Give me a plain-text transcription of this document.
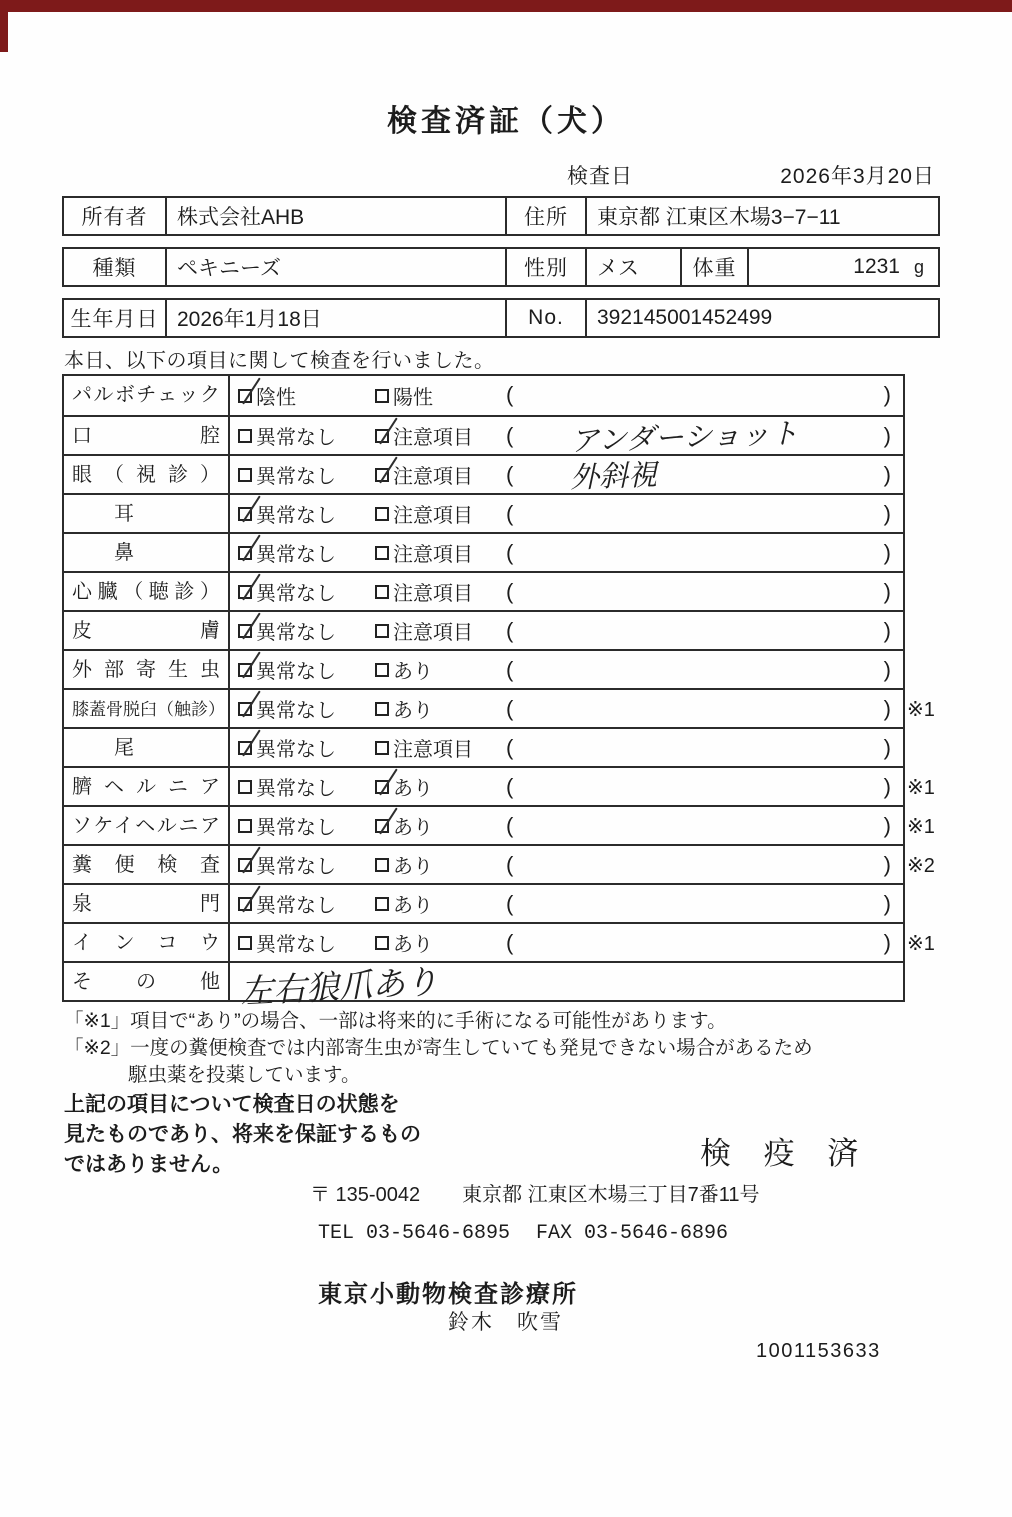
検査済証（犬）
検査日	2026年3月20日
所有者	株式会社AHB	住所	東京都 江東区木場3−7−11
種類	ペキニーズ	性別	メス	体重	1231 g
生年月日 2026年1月18日	No.	392145001452499
本日、以下の項目に関して検査を行いました。
パルボチェック	陰性	陽性	(	)
口腔	異常なし	注意項目 ( アンダーショット	)
眼（視診）	異常なし	注意項目 ( 外斜視	)
耳	異常なし	注意項目 (	)
鼻	異常なし	注意項目 (	)
心臓（聴診）	異常なし	注意項目 (	)
皮膚	異常なし	注意項目 (	)
外部寄生虫	異常なし	あり	(	)
膝蓋骨脱臼（触診） 異常なし	あり	(	) ※1
尾	異常なし	注意項目 (	)
臍ヘルニア	異常なし	あり	(	) ※1
ソケイヘルニア	異常なし	あり	(	) ※1
糞便検査	異常なし	あり	(	) ※2
泉門	異常なし	あり	(	)
インコウ	異常なし	あり	(	) ※1
その他 左右狼爪あり
「※1」項目で“あり”の場合、一部は将来的に手術になる可能性があります。
「※2」一度の糞便検査では内部寄生虫が寄生していても発見できない場合があるため
駆虫薬を投薬しています。
上記の項目について検査日の状態を
見たものであり、将来を保証するもの
ではありません。	検 疫 済
〒 135-0042 東京都 江東区木場三丁目7番11号
TEL 03-5646-6895 FAX 03-5646-6896
東京小動物検査診療所
鈴木　吹雪
1001153633
